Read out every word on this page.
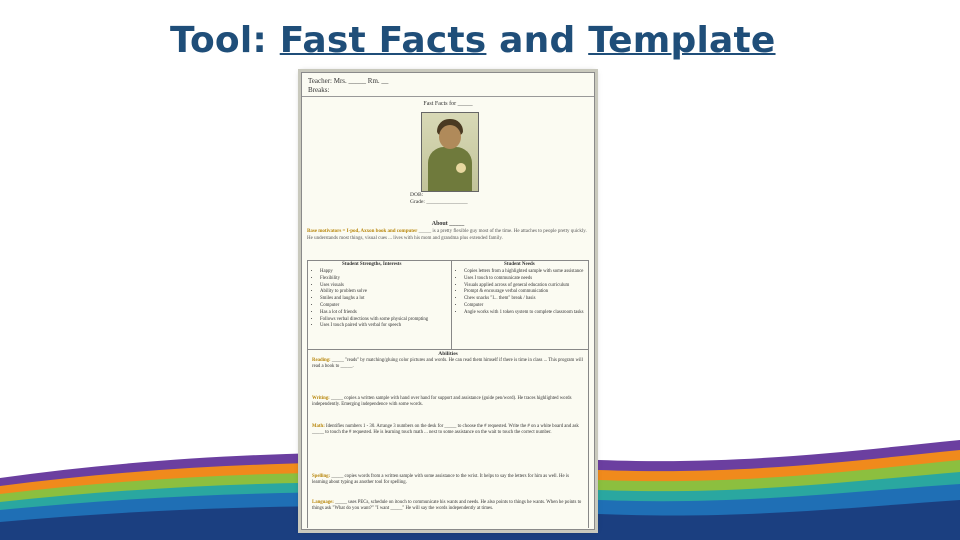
Tool: Fast Facts and Template
Teacher: Mrs. _____ Rm. __
Breaks:
Fast Facts for _____
DOB:
Grade: _______________
About _____
Base motivators = I-pod, Axxon book and computer _____ is a pretty flexible guy most of the time. He attaches to people pretty quickly. He understands most things, visual cues ... lives with his mom and grandma plus extended family.
Student Strengths, Interests	Student Needs
• Happy
• Flexibility
• Uses visuals
• Ability to problem solve
• Smiles and laughs a lot
• Computer
• Has a lot of friends
• Follows verbal directions with some physical prompting
• Uses I touch paired with verbal for speech
• Copies letters from a highlighted sample with some assistance
• Uses I touch to communicate needs
• Visuals applied across of general education curriculum
• Prompt & encourage verbal communication
• Chew snacks "I... them" break / basis
• Computer
• Angle works with 1 token system to complete classroom tasks
Abilities
Reading: _____ "reads" by matching/gluing color pictures and words. He can read them himself if there is time in class ... This program will read a book to _____.
Writing: _____ copies a written sample with hand over hand for support and assistance (guide pen/word). He traces highlighted words independently. Emerging independence with some words.
Math: Identifies numbers 1 - 30. Arrange 3 numbers on the desk for _____ to choose the # requested. Write the # on a white board and ask _____ to touch the # requested. He is learning touch math ... next to some assistance on the wait to touch the correct number.
Spelling: _____ copies words from a written sample with some assistance to the wrist. It helps to say the letters for him as well. He is learning about typing as another tool for spelling.
Language: _____ uses PECs, schedule on itouch to communicate his wants and needs. He also points to things he wants. When he points to things ask "What do you want?" "I want _____" He will say the words independently at times.
